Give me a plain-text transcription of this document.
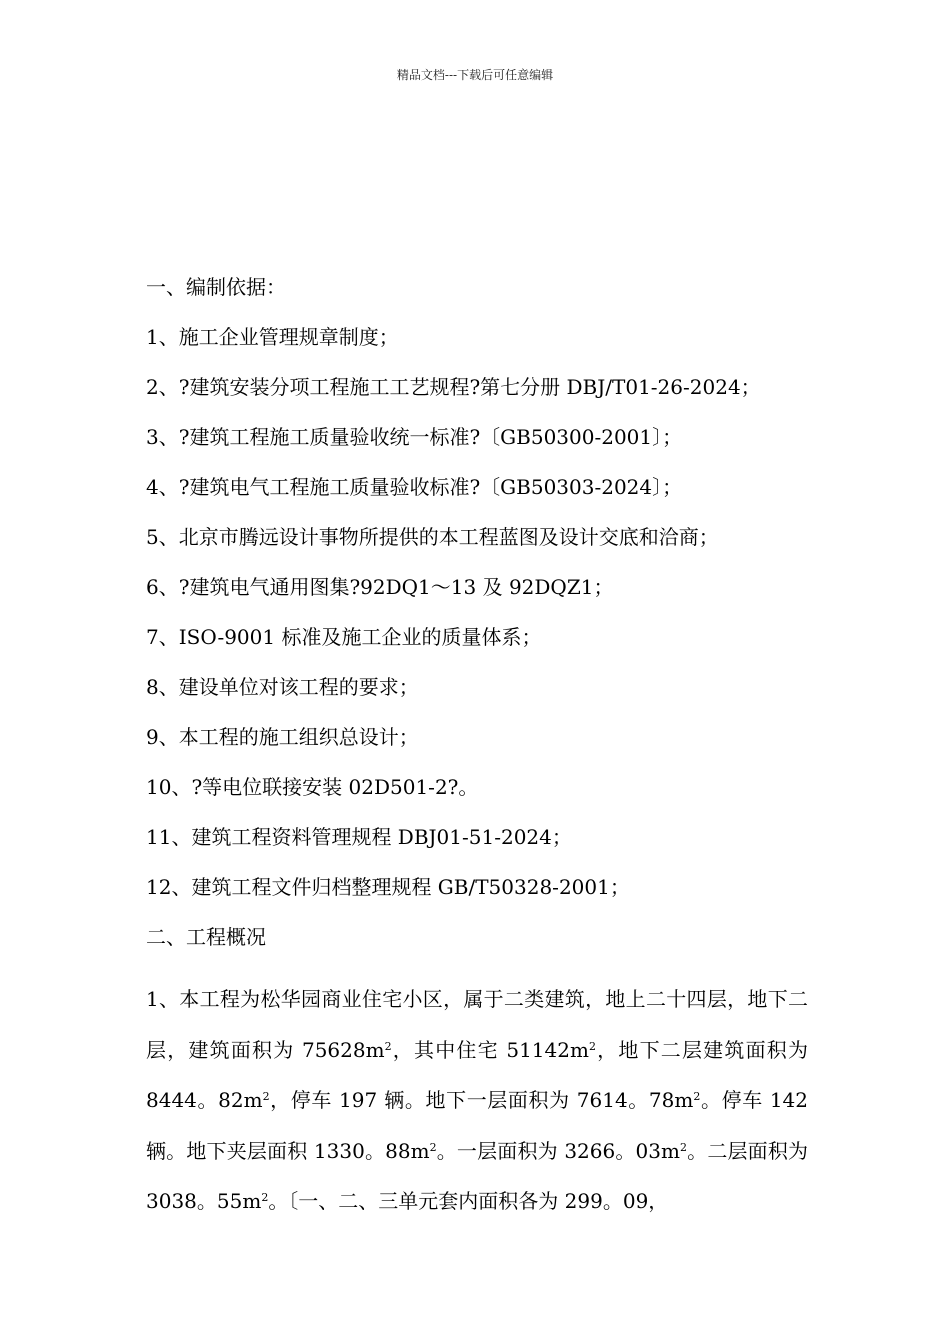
精品文档---下载后可任意编辑
一、编制依据：
1、施工企业管理规章制度；
2、?建筑安装分项工程施工工艺规程?第七分册 DBJ/T01-26-2024；
3、?建筑工程施工质量验收统一标准?〔GB50300-2001〕；
4、?建筑电气工程施工质量验收标准?〔GB50303-2024〕；
5、北京市腾远设计事物所提供的本工程蓝图及设计交底和洽商；
6、?建筑电气通用图集?92DQ1～13 及 92DQZ1；
7、ISO-9001 标准及施工企业的质量体系；
8、建设单位对该工程的要求；
9、本工程的施工组织总设计；
10、?等电位联接安装 02D501-2?。
11、建筑工程资料管理规程 DBJ01-51-2024；
12、建筑工程文件归档整理规程 GB/T50328-2001；
二、工程概况
1、本工程为松华园商业住宅小区，属于二类建筑，地上二十四层，地下二层，建筑面积为 $75628m^2$，其中住宅 $51142m^2$，地下二层建筑面积为 8444。$82m^2$，停车 197 辆。地下一层面积为 7614。$78m^2$。停车 142 辆。地下夹层面积 1330。$88m^2$。一层面积为 3266。$03m^2$。二层面积为 3038。$55m^2$。〔一、二、三单元套内面积各为 299。09，
